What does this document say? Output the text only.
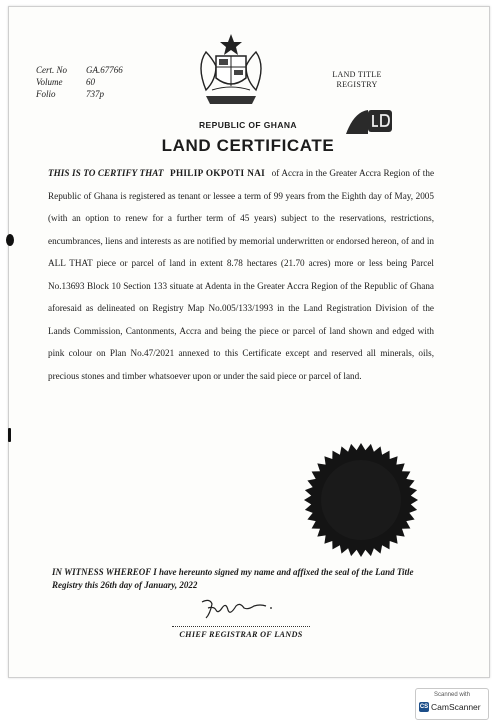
Cert. No	GA.67766
Volume	60
Folio	737p
LAND TITLE
REGISTRY
REPUBLIC OF GHANA
LAND CERTIFICATE
THIS IS TO CERTIFY THAT PHILIP OKPOTI NAI of Accra in the Greater Accra Region of the Republic of Ghana is registered as tenant or lessee a term of 99 years from the Eighth day of May, 2005 (with an option to renew for a further term of 45 years) subject to the reservations, restrictions, encumbrances, liens and interests as are notified by memorial underwritten or endorsed hereon, of and in ALL THAT piece or parcel of land in extent 8.78 hectares (21.70 acres) more or less being Parcel No.13693 Block 10 Section 133 situate at Adenta in the Greater Accra Region of the Republic of Ghana aforesaid as delineated on Registry Map No.005/133/1993 in the Land Registration Division of the Lands Commission, Cantonments, Accra and being the piece or parcel of land shown and edged with pink colour on Plan No.47/2021 annexed to this Certificate except and reserved all minerals, oils, precious stones and timber whatsoever upon or under the said piece or parcel of land.
IN WITNESS WHEREOF I have hereunto signed my name and affixed the seal of the Land Title Registry this 26th day of January, 2022
CHIEF REGISTRAR OF LANDS
Scanned with
CS CamScanner
